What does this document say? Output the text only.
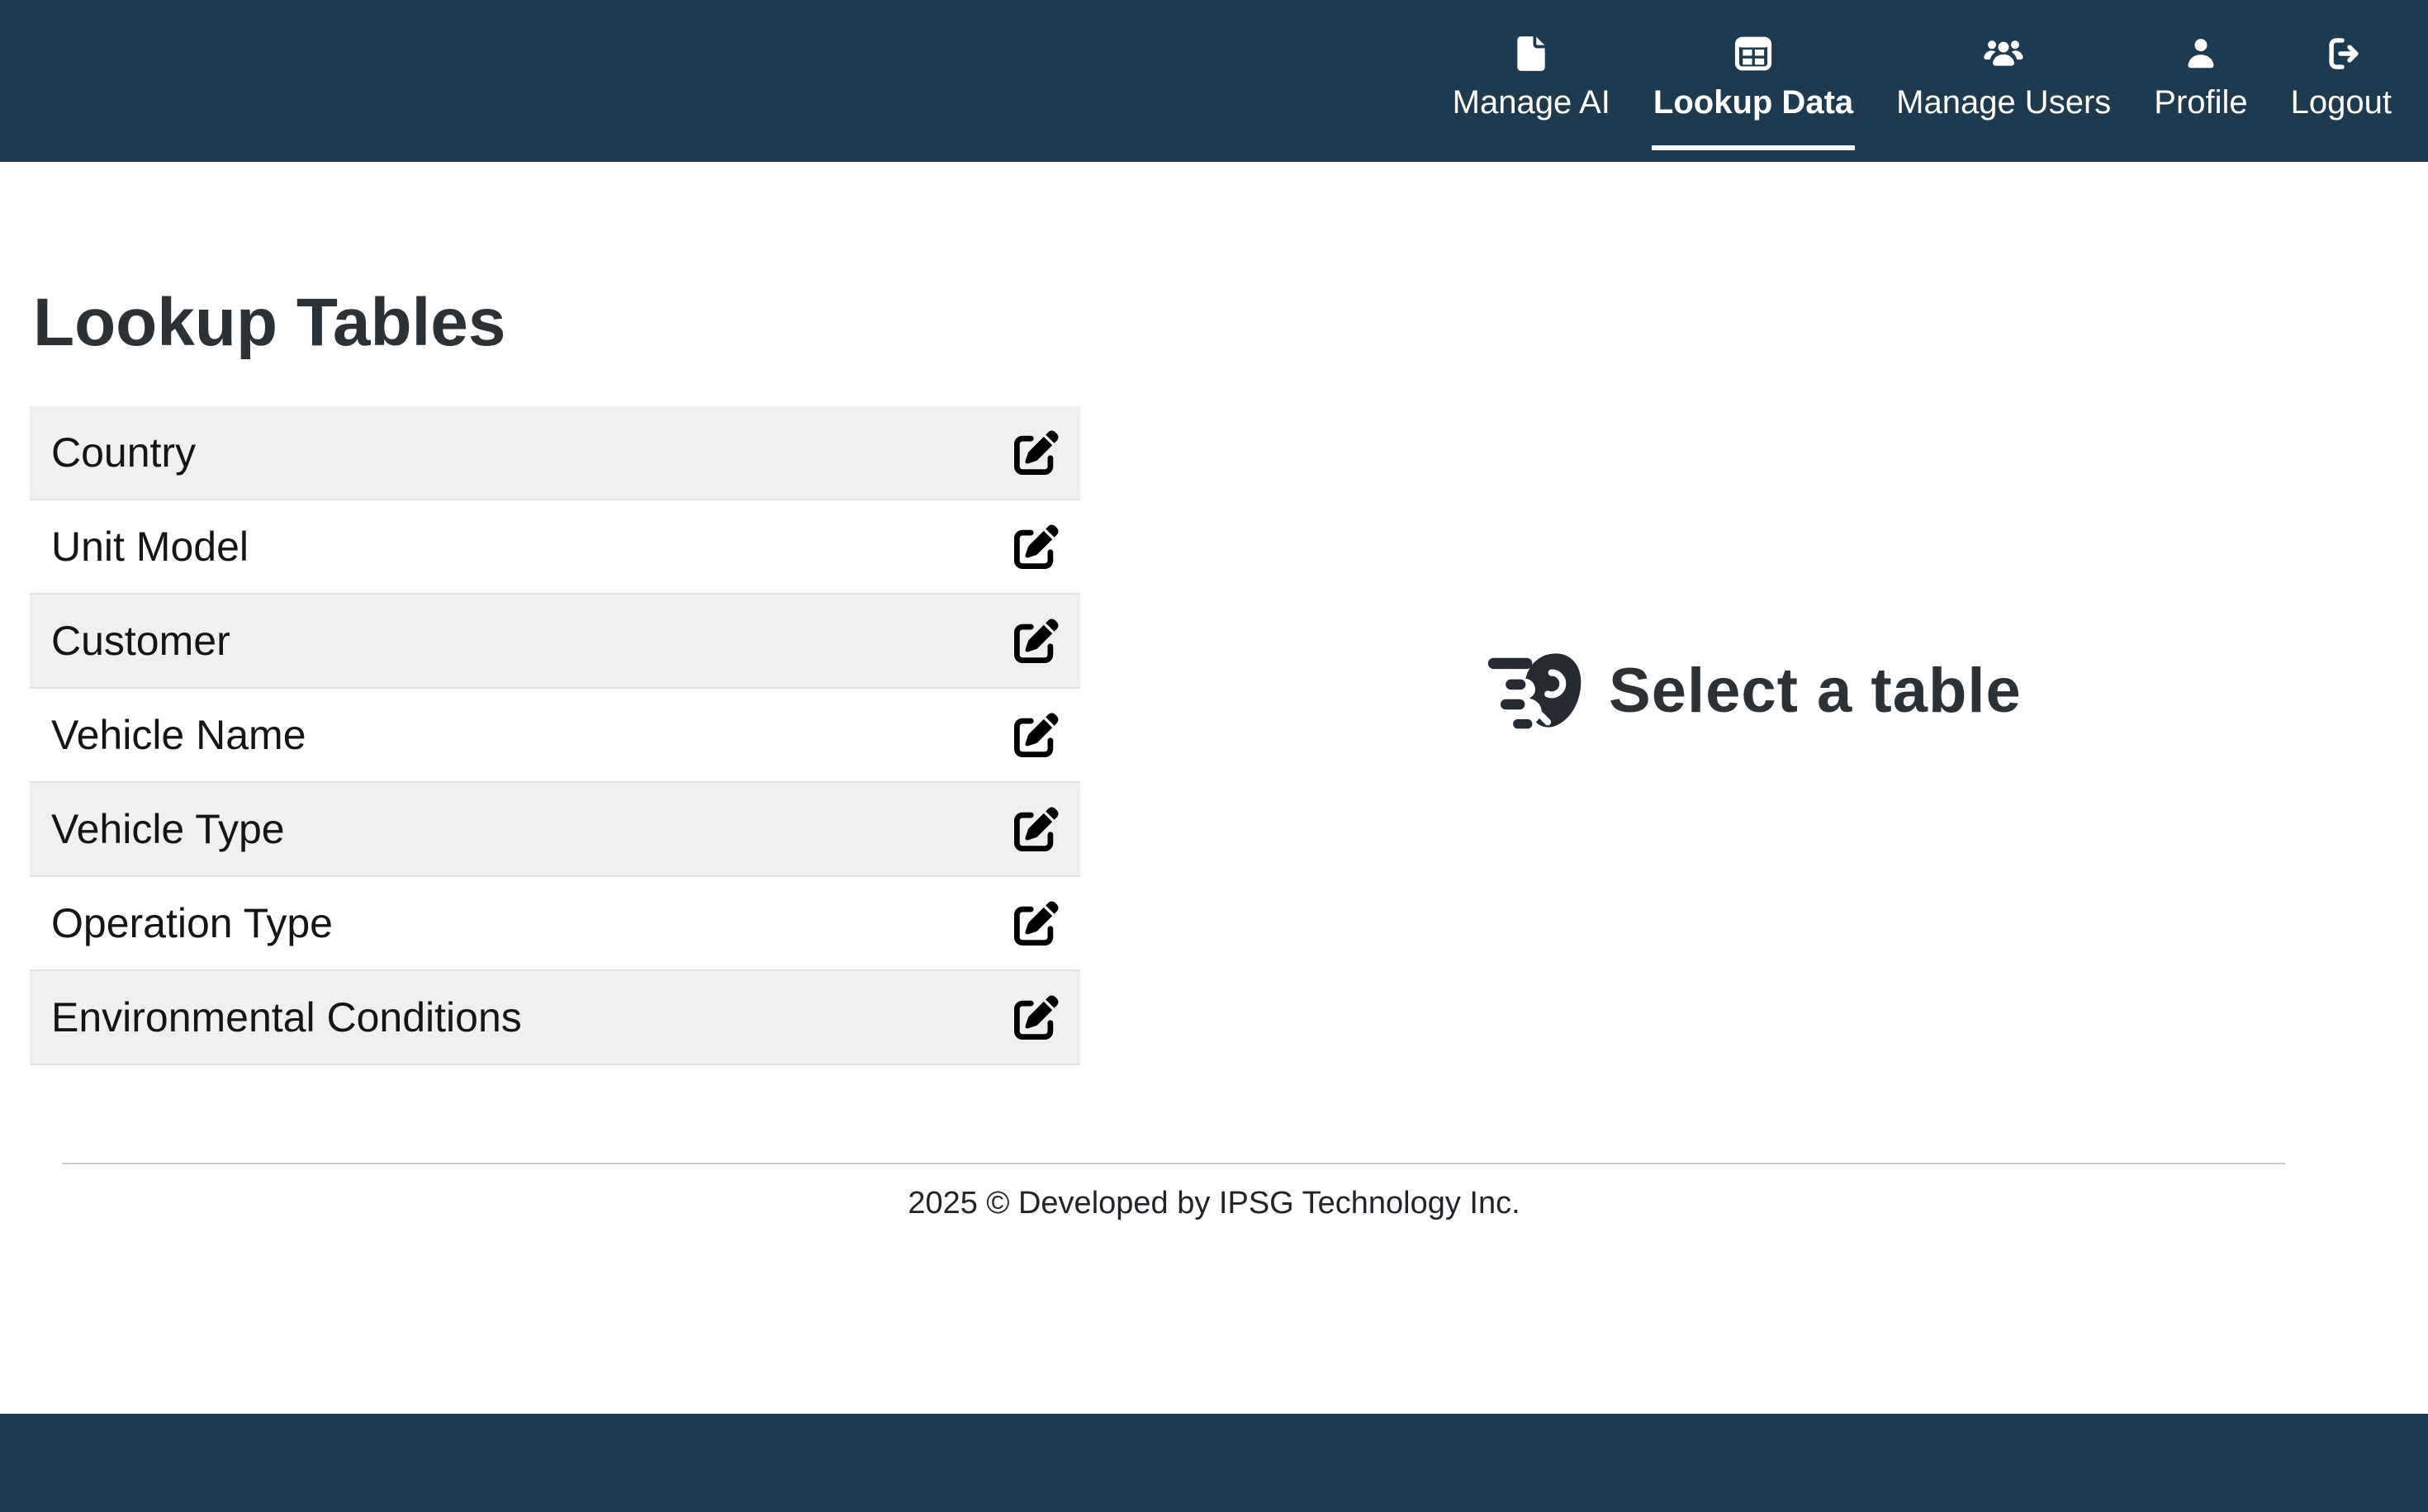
Manage AI Lookup Data Manage Users Profile Logout
Lookup Tables
Country
Unit Model
Customer
Vehicle Name
Vehicle Type
Operation Type
Environmental Conditions
Select a table
2025 © Developed by IPSG Technology Inc.
